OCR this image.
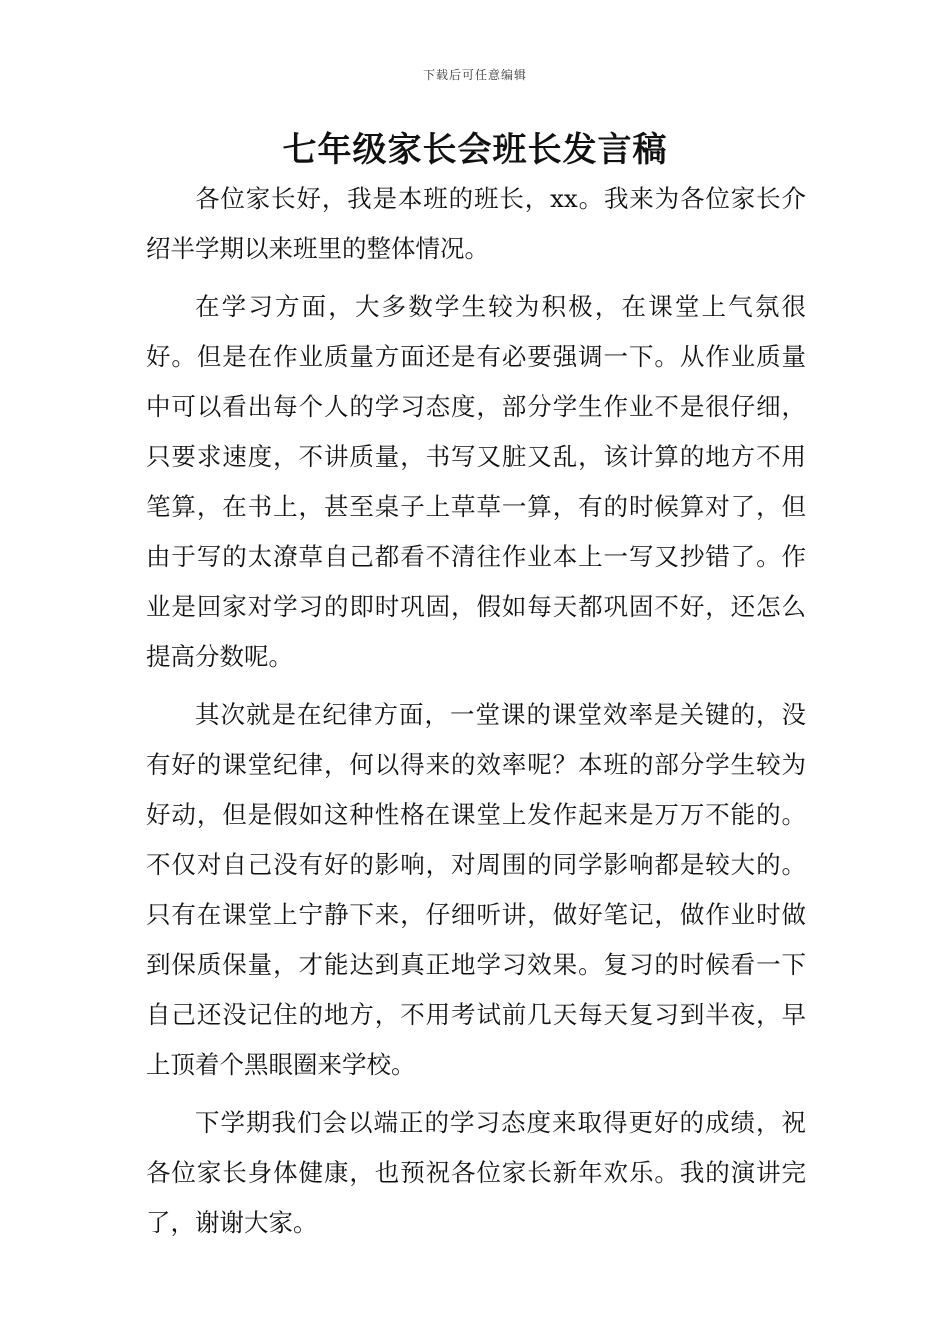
下载后可任意编辑
七年级家长会班长发言稿

各位家长好，我是本班的班长，xx。我来为各位家长介绍半学期以来班里的整体情况。

在学习方面，大多数学生较为积极，在课堂上气氛很好。但是在作业质量方面还是有必要强调一下。从作业质量中可以看出每个人的学习态度，部分学生作业不是很仔细，只要求速度，不讲质量，书写又脏又乱，该计算的地方不用笔算，在书上，甚至桌子上草草一算，有的时候算对了，但由于写的太潦草自己都看不清往作业本上一写又抄错了。作业是回家对学习的即时巩固，假如每天都巩固不好，还怎么提高分数呢。

其次就是在纪律方面，一堂课的课堂效率是关键的，没有好的课堂纪律，何以得来的效率呢？本班的部分学生较为好动，但是假如这种性格在课堂上发作起来是万万不能的。 不仅对自己没有好的影响，对周围的同学影响都是较大的。只有在课堂上宁静下来，仔细听讲，做好笔记，做作业时做到保质保量，才能达到真正地学习效果。复习的时候看一下自己还没记住的地方，不用考试前几天每天复习到半夜，早上顶着个黑眼圈来学校。

下学期我们会以端正的学习态度来取得更好的成绩，祝各位家长身体健康，也预祝各位家长新年欢乐。我的演讲完了，谢谢大家。
